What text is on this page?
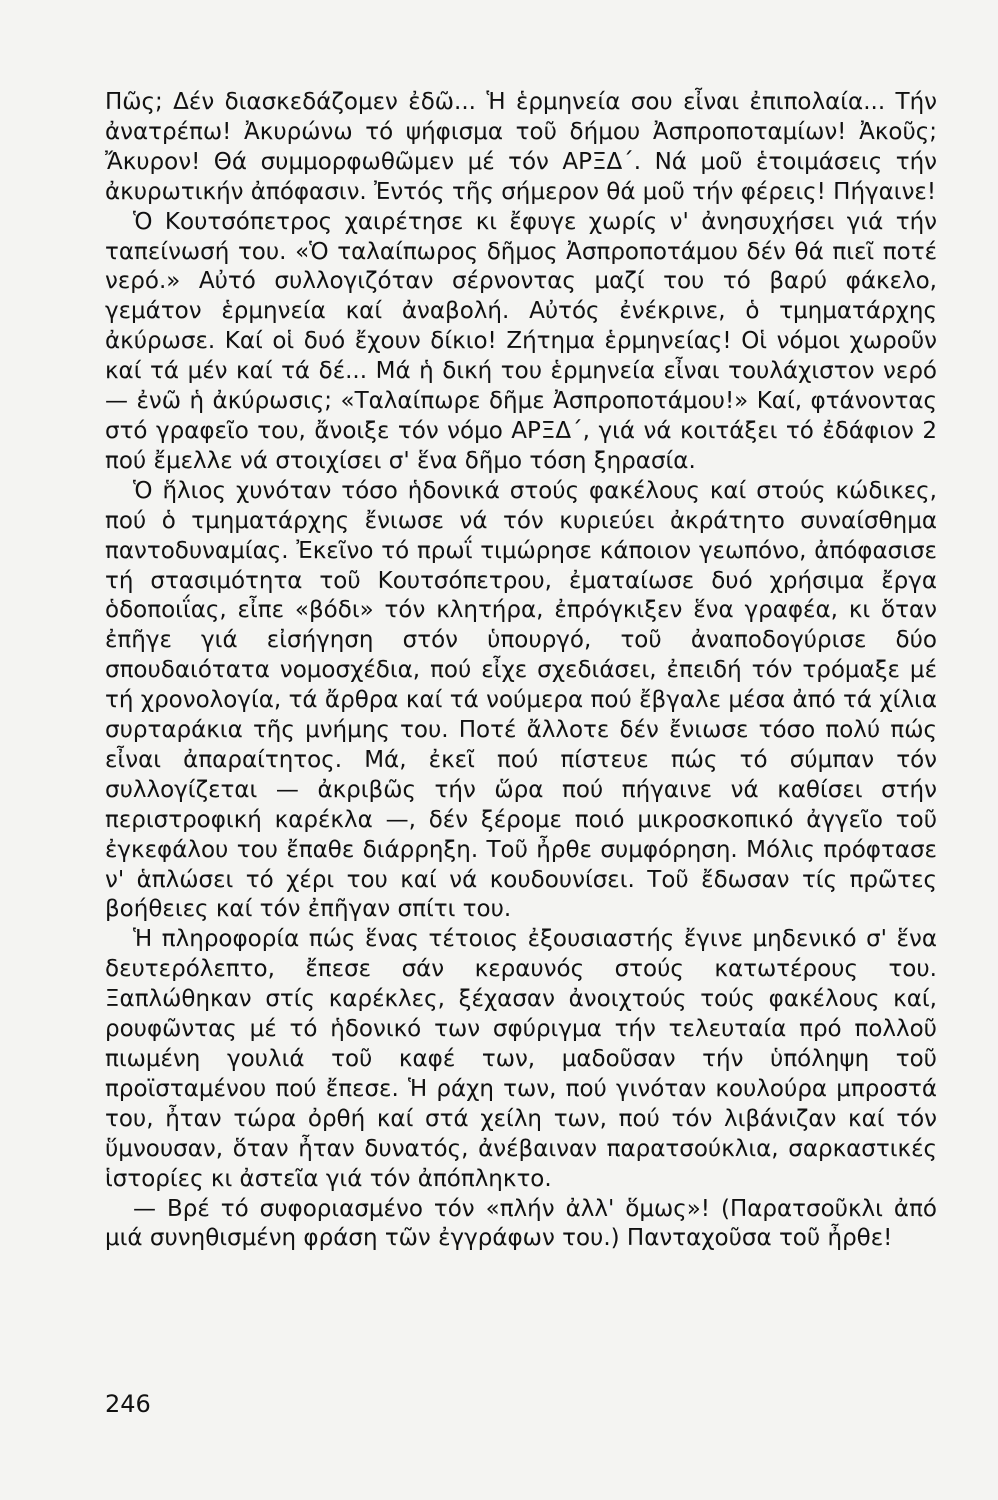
Πῶς; Δέν διασκεδάζομεν ἐδῶ... Ἡ ἑρμηνεία σου εἶναι ἐπιπολαία... Τήν ἀνατρέπω! Ἀκυρώνω τό ψήφισμα τοῦ δήμου Ἀσπροποταμίων! Ἀκοῦς; Ἄκυρον! Θά συμμορφωθῶμεν μέ τόν ΑΡΞΔ΄. Νά μοῦ ἑτοιμάσεις τήν ἀκυρωτικήν ἀπόφασιν. Ἐντός τῆς σήμερον θά μοῦ τήν φέρεις! Πήγαινε!

Ὁ Κουτσόπετρος χαιρέτησε κι ἔφυγε χωρίς ν' ἀνησυχήσει γιά τήν ταπείνωσή του. «Ὁ ταλαίπωρος δῆμος Ἀσπροποτάμου δέν θά πιεῖ ποτέ νερό.» Αὐτό συλλογιζόταν σέρνοντας μαζί του τό βαρύ φάκελο, γεμάτον ἑρμηνεία καί ἀναβολή. Αὐτός ἐνέκρινε, ὁ τμηματάρχης ἀκύρωσε. Καί οἱ δυό ἔχουν δίκιο! Ζήτημα ἑρμηνείας! Οἱ νόμοι χωροῦν καί τά μέν καί τά δέ... Μά ἡ δική του ἑρμηνεία εἶναι τουλάχιστον νερό — ἐνῶ ἡ ἀκύρωσις; «Ταλαίπωρε δῆμε Ἀσπροποτάμου!» Καί, φτάνοντας στό γραφεῖο του, ἄνοιξε τόν νόμο ΑΡΞΔ΄, γιά νά κοιτάξει τό ἐδάφιον 2 πού ἔμελλε νά στοιχίσει σ' ἕνα δῆμο τόση ξηρασία.

Ὁ ἥλιος χυνόταν τόσο ἡδονικά στούς φακέλους καί στούς κώδικες, πού ὁ τμηματάρχης ἔνιωσε νά τόν κυριεύει ἀκράτητο συναίσθημα παντοδυναμίας. Ἐκεῖνο τό πρωΐ τιμώρησε κάποιον γεωπόνο, ἀπόφασισε τή στασιμότητα τοῦ Κουτσόπετρου, ἐματαίωσε δυό χρήσιμα ἔργα ὁδοποιΐας, εἶπε «βόδι» τόν κλητήρα, ἐπρόγκιξεν ἕνα γραφέα, κι ὅταν ἐπῆγε γιά εἰσήγηση στόν ὑπουργό, τοῦ ἀναποδογύρισε δύο σπουδαιότατα νομοσχέδια, πού εἶχε σχεδιάσει, ἐπειδή τόν τρόμαξε μέ τή χρονολογία, τά ἄρθρα καί τά νούμερα πού ἔβγαλε μέσα ἀπό τά χίλια συρταράκια τῆς μνήμης του. Ποτέ ἄλλοτε δέν ἔνιωσε τόσο πολύ πώς εἶναι ἀπαραίτητος. Μά, ἐκεῖ πού πίστευε πώς τό σύμπαν τόν συλλογίζεται — ἀκριβῶς τήν ὥρα πού πήγαινε νά καθίσει στήν περιστροφική καρέκλα —, δέν ξέρομε ποιό μικροσκοπικό ἀγγεῖο τοῦ ἐγκεφάλου του ἔπαθε διάρρηξη. Τοῦ ἦρθε συμφόρηση. Μόλις πρόφτασε ν' ἁπλώσει τό χέρι του καί νά κουδουνίσει. Τοῦ ἔδωσαν τίς πρῶτες βοήθειες καί τόν ἐπῆγαν σπίτι του.

Ἡ πληροφορία πώς ἕνας τέτοιος ἐξουσιαστής ἔγινε μηδενικό σ' ἕνα δευτερόλεπτο, ἔπεσε σάν κεραυνός στούς κατωτέρους του. Ξαπλώθηκαν στίς καρέκλες, ξέχασαν ἀνοιχτούς τούς φακέλους καί, ρουφῶντας μέ τό ἡδονικό των σφύριγμα τήν τελευταία πρό πολλοῦ πιωμένη γουλιά τοῦ καφέ των, μαδοῦσαν τήν ὑπόληψη τοῦ προϊσταμένου πού ἔπεσε. Ἡ ράχη των, πού γινόταν κουλούρα μπροστά του, ἦταν τώρα ὀρθή καί στά χείλη των, πού τόν λιβάνιζαν καί τόν ὕμνουσαν, ὅταν ἦταν δυνατός, ἀνέβαιναν παρατσούκλια, σαρκαστικές ἱστορίες κι ἀστεῖα γιά τόν ἀπόπληκτο.

— Βρέ τό συφοριασμένο τόν «πλήν ἀλλ' ὅμως»! (Παρατσοῦκλι ἀπό μιά συνηθισμένη φράση τῶν ἐγγράφων του.) Πανταχοῦσα τοῦ ἦρθε!

246
